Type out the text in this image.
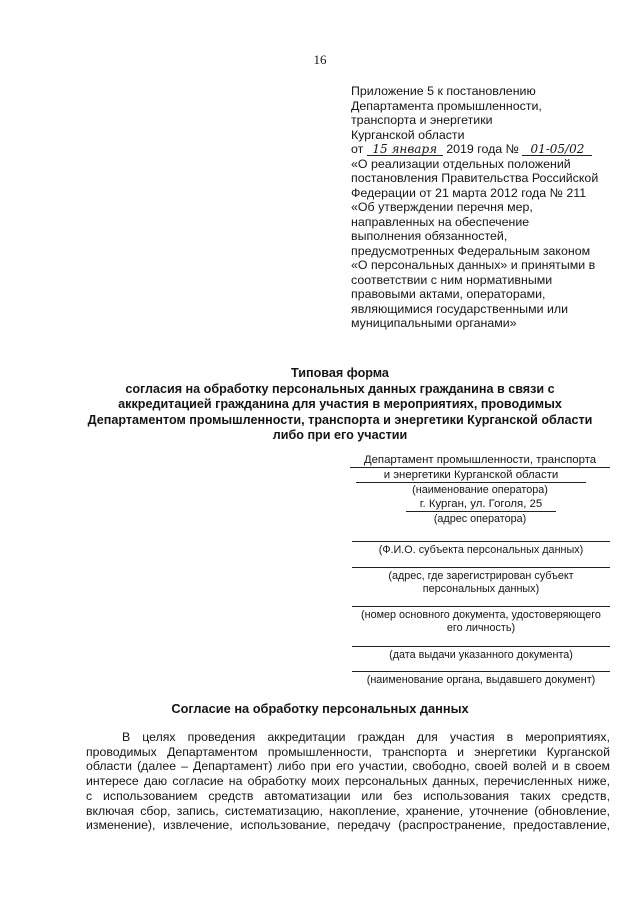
16
Приложение 5 к постановлению
Департамента промышленности,
транспорта и энергетики
Курганской области
от 15 января 2019 года № 01-05/02
«О реализации отдельных положений
постановления Правительства Российской
Федерации от 21 марта 2012 года № 211
«Об утверждении перечня мер,
направленных на обеспечение
выполнения обязанностей,
предусмотренных Федеральным законом
«О персональных данных» и принятыми в
соответствии с ним нормативными
правовыми актами, операторами,
являющимися государственными или
муниципальными органами»
Типовая форма
согласия на обработку персональных данных гражданина в связи с
аккредитацией гражданина для участия в мероприятиях, проводимых
Департаментом промышленности, транспорта и энергетики Курганской области
либо при его участии
Департамент промышленности, транспорта
и энергетики Курганской области
(наименование оператора)
г. Курган, ул. Гоголя, 25
(адрес оператора)
(Ф.И.О. субъекта персональных данных)
(адрес, где зарегистрирован субъект персональных данных)
(номер основного документа, удостоверяющего его личность)
(дата выдачи указанного документа)
(наименование органа, выдавшего документ)
Согласие на обработку персональных данных
В целях проведения аккредитации граждан для участия в мероприятиях,
проводимых Департаментом промышленности, транспорта и энергетики Курганской
области (далее – Департамент) либо при его участии, свободно, своей волей и в своем
интересе даю согласие на обработку моих персональных данных, перечисленных ниже,
с использованием средств автоматизации или без использования таких средств,
включая сбор, запись, систематизацию, накопление, хранение, уточнение (обновление,
изменение), извлечение, использование, передачу (распространение, предоставление,
